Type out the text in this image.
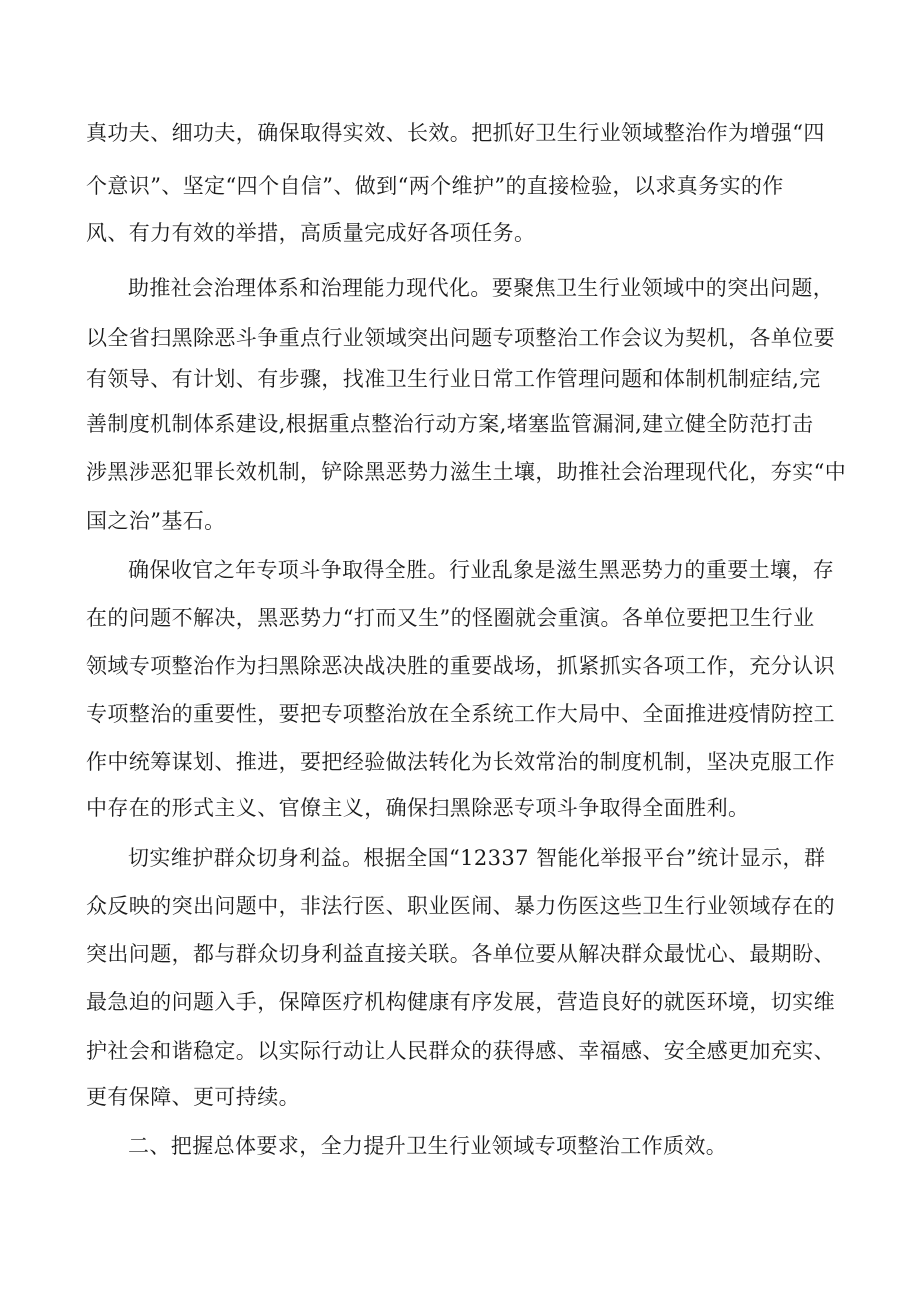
真功夫、细功夫，确保取得实效、长效。把抓好卫生行业领域整治作为增强“四
个意识”、坚定“四个自信”、做到“两个维护”的直接检验，以求真务实的作
风、有力有效的举措，高质量完成好各项任务。
助推社会治理体系和治理能力现代化。要聚焦卫生行业领域中的突出问题，
以全省扫黑除恶斗争重点行业领域突出问题专项整治工作会议为契机，各单位要
有领导、有计划、有步骤，找准卫生行业日常工作管理问题和体制机制症结,完
善制度机制体系建设,根据重点整治行动方案,堵塞监管漏洞,建立健全防范打击
涉黑涉恶犯罪长效机制，铲除黑恶势力滋生土壤，助推社会治理现代化，夯实“中
国之治”基石。
确保收官之年专项斗争取得全胜。行业乱象是滋生黑恶势力的重要土壤，存
在的问题不解决，黑恶势力“打而又生”的怪圈就会重演。各单位要把卫生行业
领域专项整治作为扫黑除恶决战决胜的重要战场，抓紧抓实各项工作，充分认识
专项整治的重要性，要把专项整治放在全系统工作大局中、全面推进疫情防控工
作中统筹谋划、推进，要把经验做法转化为长效常治的制度机制，坚决克服工作
中存在的形式主义、官僚主义，确保扫黑除恶专项斗争取得全面胜利。
切实维护群众切身利益。根据全国“12337 智能化举报平台”统计显示，群
众反映的突出问题中，非法行医、职业医闹、暴力伤医这些卫生行业领域存在的
突出问题，都与群众切身利益直接关联。各单位要从解决群众最忧心、最期盼、
最急迫的问题入手，保障医疗机构健康有序发展，营造良好的就医环境，切实维
护社会和谐稳定。以实际行动让人民群众的获得感、幸福感、安全感更加充实、
更有保障、更可持续。
二、把握总体要求，全力提升卫生行业领域专项整治工作质效。
